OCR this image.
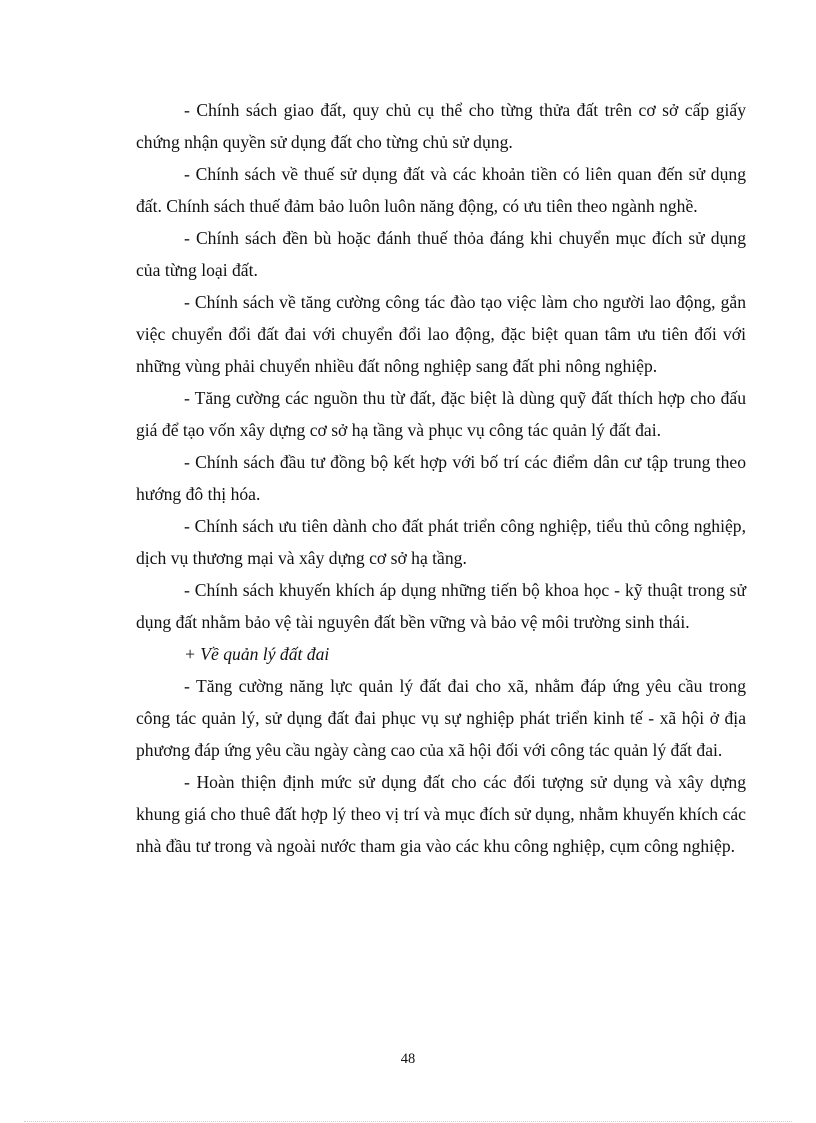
- Chính sách giao đất, quy chủ cụ thể cho từng thửa đất trên cơ sở cấp giấy chứng nhận quyền sử dụng đất cho từng chủ sử dụng.

- Chính sách về thuế sử dụng đất và các khoản tiền có liên quan đến sử dụng đất. Chính sách thuế đảm bảo luôn luôn năng động, có ưu tiên theo ngành nghề.

- Chính sách đền bù hoặc đánh thuế thỏa đáng khi chuyển mục đích sử dụng của từng loại đất.

- Chính sách về tăng cường công tác đào tạo việc làm cho người lao động, gắn việc chuyển đổi đất đai với chuyển đổi lao động, đặc biệt quan tâm ưu tiên đối với những vùng phải chuyển nhiều đất nông nghiệp sang đất phi nông nghiệp.

- Tăng cường các nguồn thu từ đất, đặc biệt là dùng quỹ đất thích hợp cho đấu giá để tạo vốn xây dựng cơ sở hạ tầng và phục vụ công tác quản lý đất đai.

- Chính sách đầu tư đồng bộ kết hợp với bố trí các điểm dân cư tập trung theo hướng đô thị hóa.

- Chính sách ưu tiên dành cho đất phát triển công nghiệp, tiểu thủ công nghiệp, dịch vụ thương mại và xây dựng cơ sở hạ tầng.

- Chính sách khuyến khích áp dụng những tiến bộ khoa học - kỹ thuật trong sử dụng đất nhằm bảo vệ tài nguyên đất bền vững và bảo vệ môi trường sinh thái.

+ Về quản lý đất đai

- Tăng cường năng lực quản lý đất đai cho xã, nhằm đáp ứng yêu cầu trong công tác quản lý, sử dụng đất đai phục vụ sự nghiệp phát triển kinh tế - xã hội ở địa phương đáp ứng yêu cầu ngày càng cao của xã hội đối với công tác quản lý đất đai.

- Hoàn thiện định mức sử dụng đất cho các đối tượng sử dụng và xây dựng khung giá cho thuê đất hợp lý theo vị trí và mục đích sử dụng, nhằm khuyến khích các nhà đầu tư trong và ngoài nước tham gia vào các khu công nghiệp, cụm công nghiệp.

48
